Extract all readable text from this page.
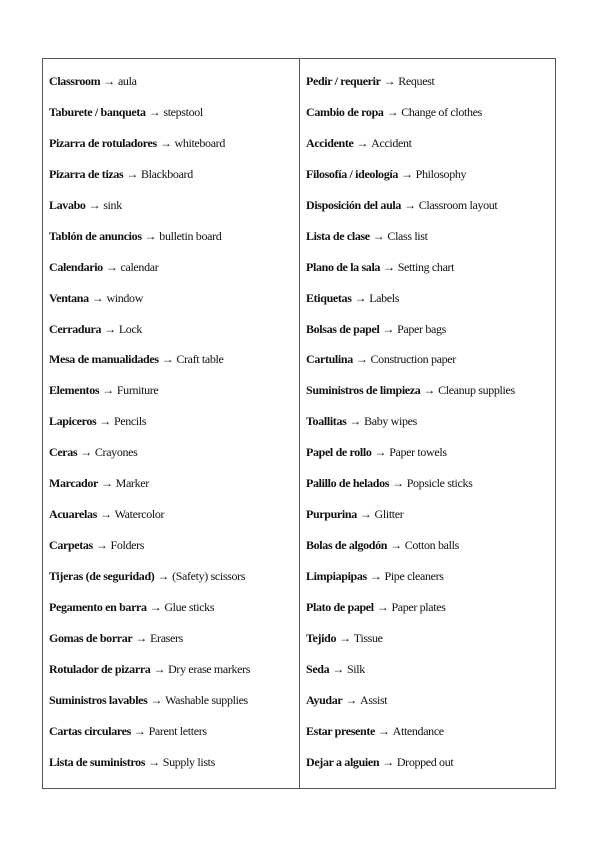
Classroom → aula
Taburete / banqueta → stepstool
Pizarra de rotuladores → whiteboard
Pizarra de tizas → Blackboard
Lavabo → sink
Tablón de anuncios → bulletin board
Calendario → calendar
Ventana → window
Cerradura → Lock
Mesa de manualidades → Craft table
Elementos → Furniture
Lapiceros → Pencils
Ceras → Crayones
Marcador → Marker
Acuarelas → Watercolor
Carpetas → Folders
Tijeras (de seguridad) → (Safety) scissors
Pegamento en barra → Glue sticks
Gomas de borrar → Erasers
Rotulador de pizarra → Dry erase markers
Suministros lavables → Washable supplies
Cartas circulares → Parent letters
Lista de suministros → Supply lists
Pedir / requerir → Request
Cambio de ropa → Change of clothes
Accidente → Accident
Filosofía / ideología → Philosophy
Disposición del aula → Classroom layout
Lista de clase → Class list
Plano de la sala → Setting chart
Etiquetas → Labels
Bolsas de papel → Paper bags
Cartulina → Construction paper
Suministros de limpieza → Cleanup supplies
Toallitas → Baby wipes
Papel de rollo → Paper towels
Palillo de helados → Popsicle sticks
Purpurina → Glitter
Bolas de algodón → Cotton balls
Limpiapipas → Pipe cleaners
Plato de papel → Paper plates
Tejido → Tissue
Seda → Silk
Ayudar → Assist
Estar presente → Attendance
Dejar a alguien → Dropped out
